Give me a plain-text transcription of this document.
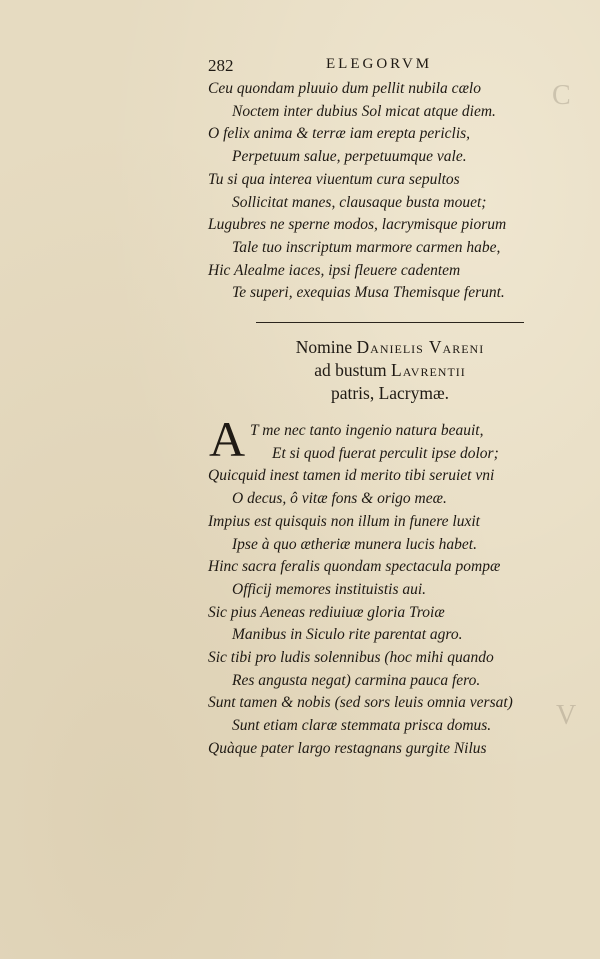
282	ELEGORVM
Ceu quondam pluuio dum pellit nubila cælo
Noctem inter dubius Sol micat atque diem.
O felix anima & terræ iam erepta periclis,
Perpetuum salue, perpetuumque vale.
Tu si qua interea viuentum cura sepultos
Sollicitat manes, clausaque busta mouet;
Lugubres ne sperne modos, lacrymisque piorum
Tale tuo inscriptum marmore carmen habe,
Hic Alealme iaces, ipsi fleuere cadentem
Te superi, exequias Musa Themisque ferunt.
Nomine Danielis Vareni
ad bustum Lavrentii
patris, Lacrymæ.
A T me nec tanto ingenio natura beauit,
Et si quod fuerat perculit ipse dolor;
Quicquid inest tamen id merito tibi seruiet vni
O decus, ô vitæ fons & origo meæ.
Impius est quisquis non illum in funere luxit
Ipse à quo ætheriæ munera lucis habet.
Hinc sacra feralis quondam spectacula pompæ
Officij memores instituistis aui.
Sic pius Aeneas rediuiuæ gloria Troiæ
Manibus in Siculo rite parentat agro.
Sic tibi pro ludis solennibus (hoc mihi quando
Res angusta negat) carmina pauca fero.
Sunt tamen & nobis (sed sors leuis omnia versat)
Sunt etiam claræ stemmata prisca domus.
Quàque pater largo restagnans gurgite Nilus
C
V
